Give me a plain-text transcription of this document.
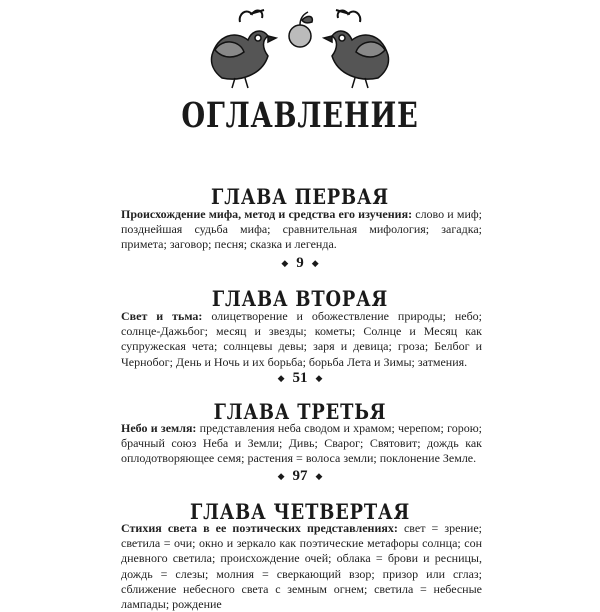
ОГЛАВЛЕНИЕ
ГЛАВА ПЕРВАЯ
Происхождение мифа, метод и средства его изучения: слово и миф; позднейшая судьба мифа; сравнительная мифология; загадка; примета; заговор; песня; сказка и легенда.
◆ 9 ◆
ГЛАВА ВТОРАЯ
Свет и тьма: олицетворение и обожествление природы; небо; солнце-Дажьбог; месяц и звезды; кометы; Солнце и Месяц как супружеская чета; солнцевы девы; заря и девица; гроза; Белбог и Чернобог; День и Ночь и их борьба; борьба Лета и Зимы; затмения.
◆ 51 ◆
ГЛАВА ТРЕТЬЯ
Небо и земля: представления неба сводом и храмом; черепом; горою; брачный союз Неба и Земли; Дивь; Сварог; Святовит; дождь как оплодотворяющее семя; растения = волоса земли; поклонение Земле.
◆ 97 ◆
ГЛАВА ЧЕТВЕРТАЯ
Стихия света в ее поэтических представлениях: свет = зрение; светила = очи; окно и зеркало как поэтические метафоры солнца; сон дневного светила; происхождение очей; облака = брови и ресницы, дождь = слезы; молния = сверкающий взор; призор или сглаз; сближение небесного света с земным огнем; светила = небесные лампады; рождение
